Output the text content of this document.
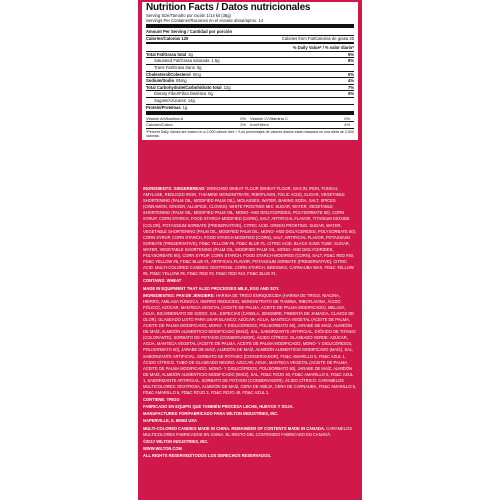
Nutrition Facts / Datos nutricionales
Serving Size/Tamaño por ración 1/14 kit (38g)
Servings Per Container/Raciones en el envase about/aprox. 14
Amount Per Serving / Cantidad por porción
Calories/Calorías 120	Calories from Fat/Calorías de grasa 25
% Daily Value* / % valor diario*
Total Fat/Grasa total 3g	5%
Saturated Fat/Grasa saturada 1.5g	8%
Trans Fat/Grasa trans 0g
Cholesterol/Colesterol 0mg	0%
Sodium/Sodio 85mg	4%
Total Carbohydrate/Carbohidrato total 22g	7%
Dietary Fiber/Fibra Dietética 0g	0%
Sugars/Azúcares 14g
Protein/Proteínas 1g
Vitamin A/Vitamina A	0% Vitamin C/Vitamina C	0%
Calcium/Calcio	2% Iron/Hierro	4%
*Percent Daily Values are based on a 2,000 calorie diet. / *Los porcentajes de valores diarios están basados en una dieta de 2,000 calorías.

INGREDIENTS: GINGERBREAD: ENRICHED WHEAT FLOUR (WHEAT FLOUR, NIACIN, IRON, FUNGAL AMYLASE, REDUCED IRON, THIAMINE MONONITRATE, RIBOFLAVIN, FOLIC ACID), SUGAR, VEGETABLE SHORTENING (PALM OIL, MODIFIED PALM OIL), MOLASSES, WATER, BAKING SODA, SALT, SPICES (CINNAMON, GINGER, ALLSPICE, CLOVES). WHITE FROSTING MIX: SUGAR, WATER, VEGETABLE SHORTENING (PALM OIL, MODIFIED PALM OIL, MONO- AND DIGLYCERIDES, POLYSORBATE 60), CORN SYRUP, CORN STARCH, FOOD STARCH-MODIFIED (CORN), SALT, ARTIFICIAL FLAVOR, TITANIUM DIOXIDE (COLOR), POTASSIUM SORBATE (PRESERVATIVE), CITRIC ACID. GREEN FROSTING: SUGAR, WATER, VEGETABLE SHORTENING (PALM OIL, MODIFIED PALM OIL, MONO- AND DIGLYCERIDES, POLYSORBATE 60), CORN SYRUP, CORN STARCH, FOOD STARCH-MODIFIED (CORN), SALT, ARTIFICIAL FLAVOR, POTASSIUM SORBATE (PRESERVATIVE), FD&C YELLOW #5, FD&C BLUE #1, CITRIC ACID. BLACK ICING TUBE: SUGAR, WATER, VEGETABLE SHORTENING (PALM OIL, MODIFIED PALM OIL, MONO- AND DIGLYCERIDES, POLYSORBATE 60), CORN SYRUP, CORN STARCH, FOOD STARCH-MODIFIED (CORN), SALT, FD&C RED #40, FD&C YELLOW #5, FD&C BLUE #1, ARTIFICIAL FLAVOR, POTASSIUM SORBATE (PRESERVATIVE), CITRIC ACID. MULTI-COLORED CANDIES: DEXTROSE, CORN STARCH, BEESWAX, CARNAUBA WAX, FD&C YELLOW #5, FD&C YELLOW #6, FD&C RED #3, FD&C RED #40, FD&C BLUE #1.

CONTAINS: WHEAT

MADE IN EQUIPMENT THAT ALSO PROCESSES MILK, EGG AND SOY.

INGREDIENTES: PAN DE JENGIBRE: HARINA DE TRIGO ENRIQUECIDA (HARINA DE TRIGO, NIACINA, HIERRO, AMILASA FÚNGICA, HIERRO REDUCIDO, MONONITRATO DE TIAMINA, RIBOFLAVINA, ÁCIDO FÓLICO), AZÚCAR, MANTECA VEGETAL (ACEITE DE PALMA, ACEITE DE PALMA MODIFICADO), MELAZA, AGUA, BICARBONATO DE SODIO, SAL, ESPECIAS (CANELA, JENGIBRE, PIMIENTA DE JAMAICA, CLAVOS DE OLOR). GLASEADO LISTO PARA USAR BLANCO: AZÚCAR, AGUA, MANTECA VEGETAL (ACEITE DE PALMA, ACEITE DE PALMA MODIFICADO, MONO- Y DIGLICÉRIDOS, POLISORBATO 60), JARABE DE MAÍZ, ALMIDÓN DE MAÍZ, ALMIDÓN ALIMENTICIO MODIFICADO (MAÍZ), SAL, SABORIZANTE ARTIFICIAL, DIÓXIDO DE TITANIO (COLORANTE), SORBATO DE POTASIO (CONSERVADOR), ÁCIDO CÍTRICO. GLASEADO VERDE: AZÚCAR, AGUA, MANTECA VEGETAL (ACEITE DE PALMA, ACEITE DE PALMA MODIFICADO, MONO- Y DIGLICÉRIDOS, POLISORBATO 60), JARABE DE MAÍZ, ALMIDÓN DE MAÍZ, ALMIDÓN ALIMENTICIO MODIFICADO (MAÍZ), SAL, SABORIZANTE ARTIFICIAL, SORBATO DE POTASIO (CONSERVADOR), FD&C AMARILLO 5, FD&C AZUL 1, ÁCIDO CÍTRICO. TUBO DE GLASEADO NEGRO: AZÚCAR, AGUA, MANTECA VEGETAL (ACEITE DE PALMA, ACEITE DE PALMA MODIFICADO, MONO- Y DIGLICÉRIDOS, POLISORBATO 60), JARABE DE MAÍZ, ALMIDÓN DE MAÍZ, ALMIDÓN ALIMENTICIO MODIFICADO (MAÍZ), SAL, FD&C ROJO 40, FD&C AMARILLO 5, FD&C AZUL 1, SABORIZANTE ARTIFICIAL, SORBATO DE POTASIO (CONSERVADOR), ÁCIDO CÍTRICO. CARAMELOS MULTICOLORES: DEXTROSA, ALMIDÓN DE MAÍZ, CERA DE ABEJA, CERA DE CARNAUBA, FD&C AMARILLO 5, FD&C AMARILLO 6, FD&C ROJO 3, FD&C ROJO 40, FD&C AZUL 1.

CONTIENE: TRIGO

FABRICADO EN EQUIPO QUE TAMBIÉN PROCESA LECHE, HUEVOS Y SOJA.

MANUFACTURED FOR/FABRICADO PARA WILTON INDUSTRIES, INC.

NAPERVILLE, IL 60563 USA

MULTI-COLORED CANDIES MADE IN CHINA. REMAINDER OF CONTENTS MADE IN CANADA. CARAMELOS MULTICOLORES FABRICADOS EN CHINA. EL RESTO DEL CONTENIDO FABRICADO EN CANADÁ.

©2017 WILTON INDUSTRIES, INC.

WWW.WILTON.COM

ALL RIGHTS RESERVED/TODOS LOS DERECHOS RESERVADOS.
